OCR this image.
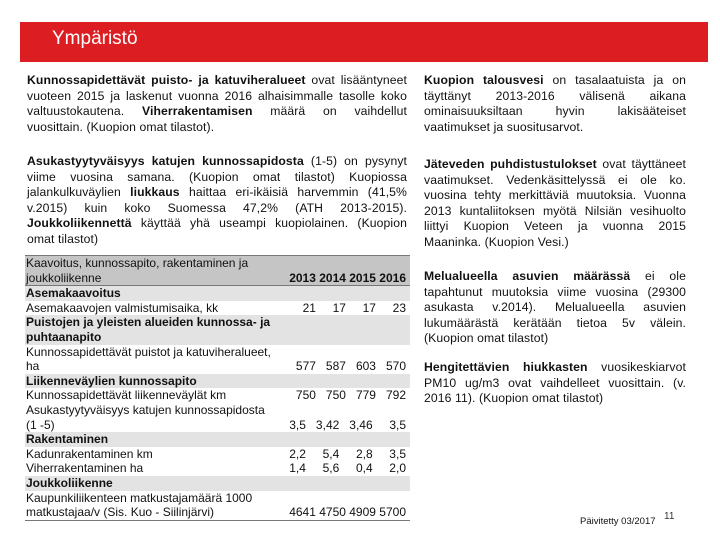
Ympäristö

Kunnossapidettävät puisto- ja katuviheralueet ovat lisääntyneet vuoteen 2015 ja laskenut vuonna 2016 alhaisimmalle tasolle koko valtuustokautena. Viherrakentamisen määrä on vaihdellut vuosittain. (Kuopion omat tilastot).

Asukastyytyväisyys katujen kunnossapidosta (1-5) on pysynyt viime vuosina samana. (Kuopion omat tilastot) Kuopiossa jalankulkuväylien liukkaus haittaa eri-ikäisiä harvemmin (41,5% v.2015) kuin koko Suomessa 47,2% (ATH 2013-2015). Joukkoliikennettä käyttää yhä useampi kuopiolainen. (Kuopion omat tilastot)

Kaavoitus, kunnossapito, rakentaminen ja joukkoliikenne	2013 2014 2015 2016
Asemakaavoitus
Asemakaavojen valmistumisaika, kk	21     17     17     23
Puistojen ja yleisten alueiden kunnossa- ja puhtaanapito
Kunnossapidettävät puistot ja katuviheralueet, ha	577   587   603   570
Liikenneväylien kunnossapito
Kunnossapidettävät liikenneväylät km	750   750   779   792
Asukastyytyväisyys katujen kunnossapidosta (1 -5)	3,5   3,42   3,46     3,5
Rakentaminen
Kadunrakentaminen km	2,2     5,4     2,8     3,5
Viherrakentaminen ha	1,4     5,6     0,4     2,0
Joukkoliikenne
Kaupunkiliikenteen matkustajamäärä 1000 matkustajaa/v (Sis. Kuo - Siilinjärvi)	4641 4750 4909 5700

Kuopion talousvesi on tasalaatuista ja on täyttänyt 2013-2016 välisenä aikana ominaisuuksiltaan hyvin lakisääteiset vaatimukset ja suositusarvot.

Jäteveden puhdistustulokset ovat täyttäneet vaatimukset. Vedenkäsittelyssä ei ole ko. vuosina tehty merkittäviä muutoksia. Vuonna 2013 kuntaliitoksen myötä Nilsiän vesihuolto liittyi Kuopion Veteen ja vuonna 2015 Maaninka. (Kuopion Vesi.)

Melualueella asuvien määrässä ei ole tapahtunut muutoksia viime vuosina (29300 asukasta v.2014). Melualueella asuvien lukumäärästä kerätään tietoa 5v välein. (Kuopion omat tilastot)

Hengitettävien hiukkasten vuosikeskiarvot PM10 ug/m3 ovat vaihdelleet vuosittain. (v. 2016 11). (Kuopion omat tilastot)

Päivitetty 03/2017 11
